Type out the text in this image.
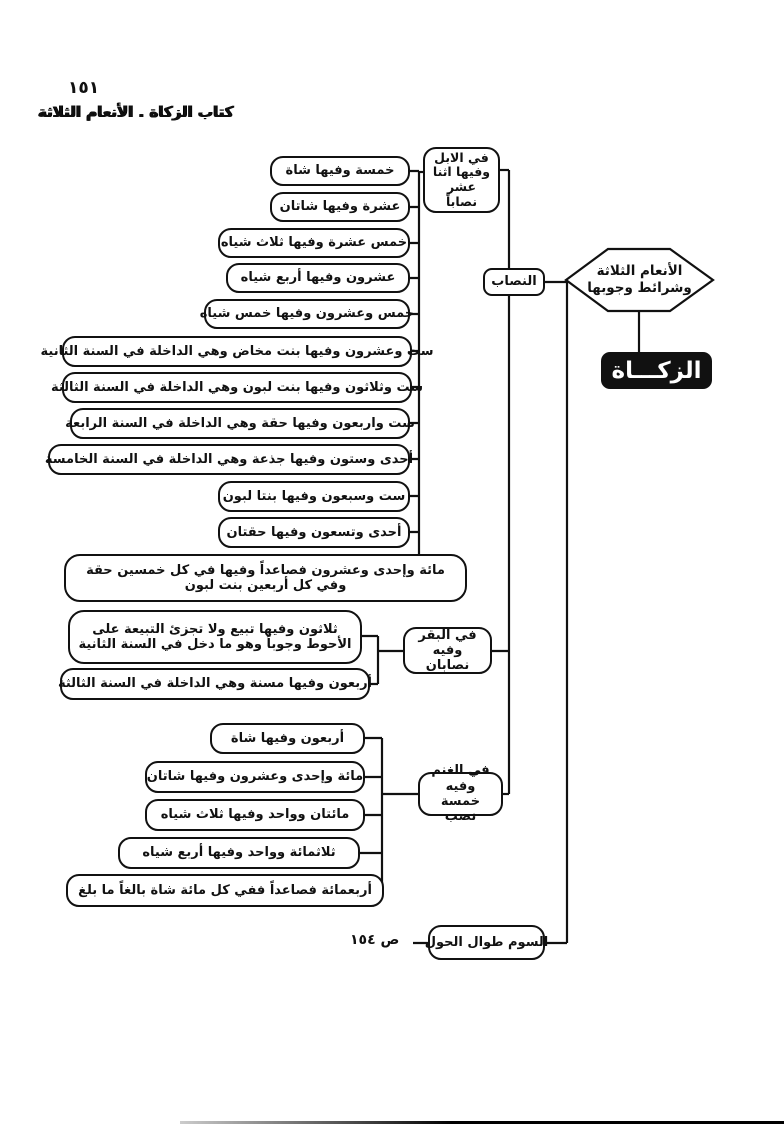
١٥١
كتاب الزكاة . الأنعام الثلاثة
الأنعام الثلاثة وشرائط وجوبها
الزكـــاة
في الابل وفيها اثنا عشر نصاباً
النصاب
في البقر وفيه نصابان
في الغنم وفيه خمسة نصب
السوم طوال الحول
ص ١٥٤
خمسة وفيها شاة
عشرة وفيها شاتان
خمس عشرة وفيها ثلاث شياه
عشرون وفيها أربع شياه
خمس وعشرون وفيها خمس شياه
ست وعشرون وفيها بنت مخاض وهي الداخلة في السنة الثانية
ست وثلاثون وفيها بنت لبون وهي الداخلة في السنة الثالثة
ست واربعون وفيها حقة وهي الداخلة في السنة الرابعة
أحدى وستون وفيها جذعة وهي الداخلة في السنة الخامسة
ست وسبعون وفيها بنتا لبون
أحدى وتسعون وفيها حقتان
مائة وإحدى وعشرون فصاعداً وفيها في كل خمسين حقة وفي كل أربعين بنت لبون
ثلاثون وفيها تبيع ولا تجزئ التبيعة على الأحوط وجوباً وهو ما دخل في السنة الثانية
أربعون وفيها مسنة وهي الداخلة في السنة الثالثة
أربعون وفيها شاة
مائة وإحدى وعشرون وفيها شاتان
مائتان وواحد وفيها ثلاث شياه
ثلاثمائة وواحد وفيها أربع شياه
أربعمائة فصاعداً ففي كل مائة شاة بالغاً ما بلغ
